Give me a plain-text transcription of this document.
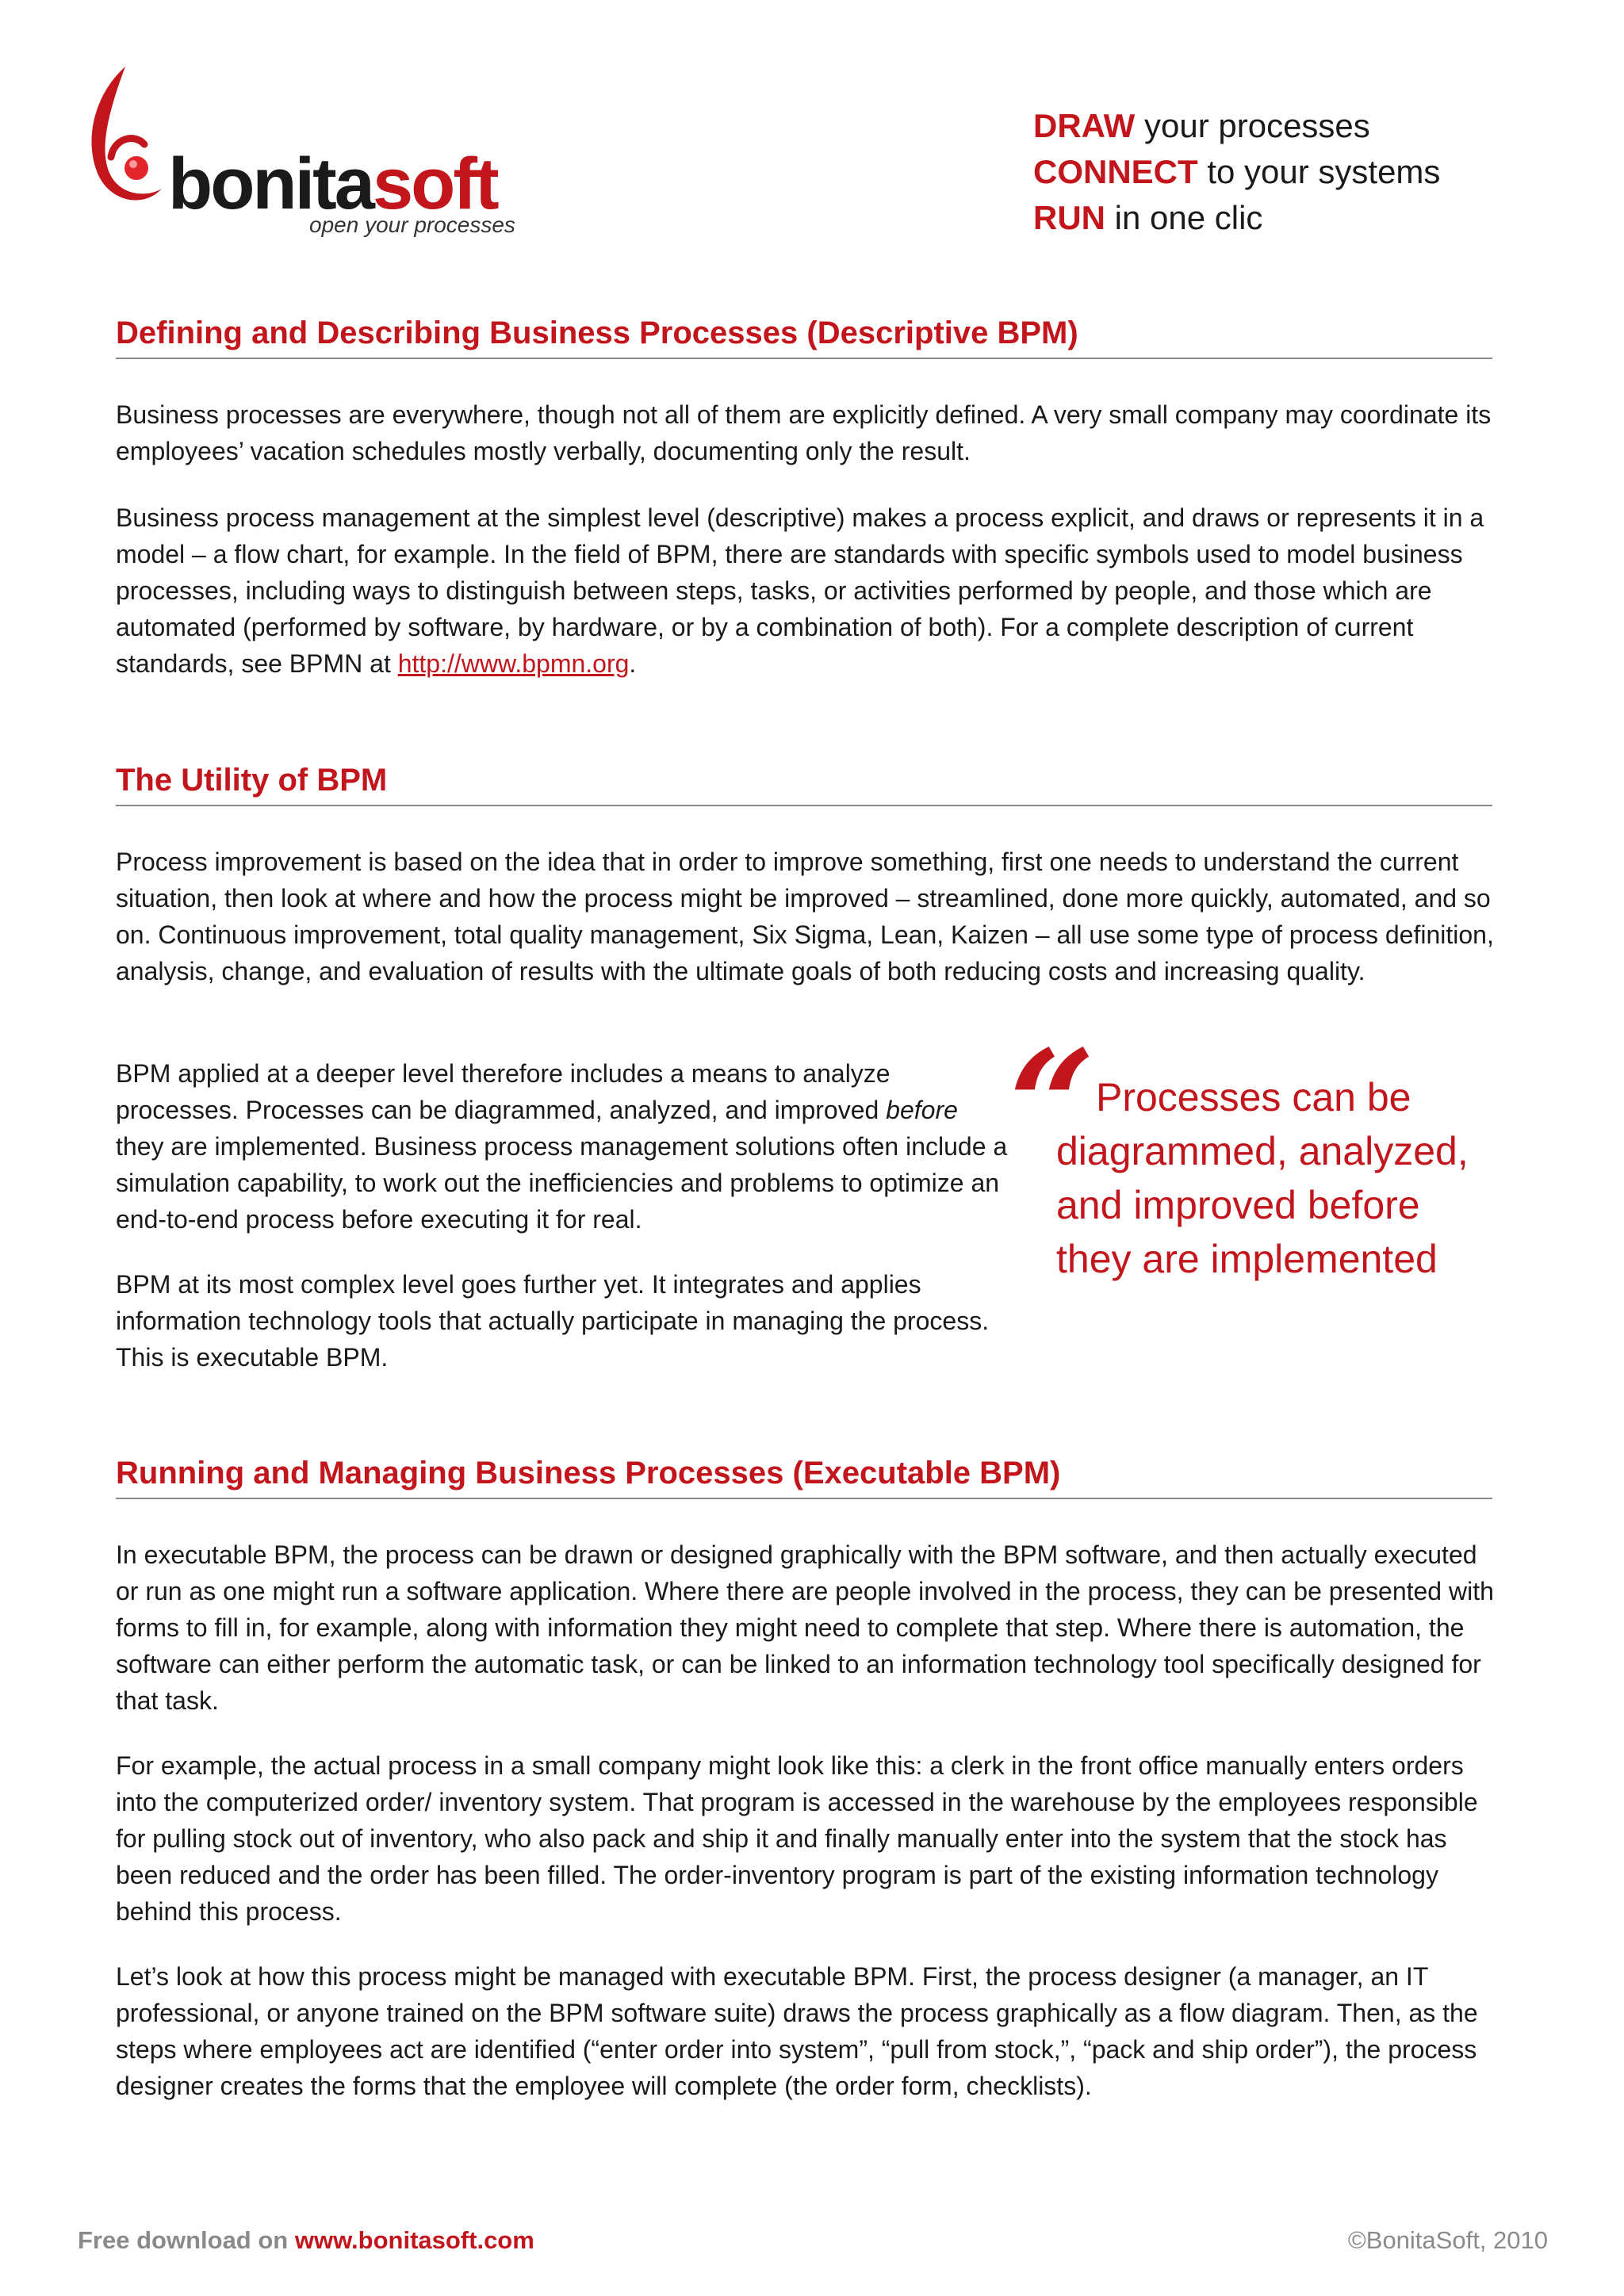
bonitasoft
open your processes
DRAW your processes
CONNECT to your systems
RUN in one clic
Defining and Describing Business Processes (Descriptive BPM)
Business processes are everywhere, though not all of them are explicitly defined. A very small company may coordinate its employees’ vacation schedules mostly verbally, documenting only the result.
Business process management at the simplest level (descriptive) makes a process explicit, and draws or represents it in a model – a flow chart, for example. In the field of BPM, there are standards with specific symbols used to model business processes, including ways to distinguish between steps, tasks, or activities performed by people, and those which are automated (performed by software, by hardware, or by a combination of both). For a complete description of current standards, see BPMN at http://www.bpmn.org.
The Utility of BPM
Process improvement is based on the idea that in order to improve something, first one needs to understand the current situation, then look at where and how the process might be improved – streamlined, done more quickly, automated, and so on. Continuous improvement, total quality management, Six Sigma, Lean, Kaizen – all use some type of process definition, analysis, change, and evaluation of results with the ultimate goals of both reducing costs and increasing quality.
BPM applied at a deeper level therefore includes a means to analyze processes. Processes can be diagrammed, analyzed, and improved before they are implemented. Business process management solutions often include a simulation capability, to work out the inefficiencies and problems to optimize an end-to-end process before executing it for real.
BPM at its most complex level goes further yet. It integrates and applies information technology tools that actually participate in managing the process. This is executable BPM.
“ Processes can be
diagrammed, analyzed,
and improved before
they are implemented
Running and Managing Business Processes (Executable BPM)
In executable BPM, the process can be drawn or designed graphically with the BPM software, and then actually executed or run as one might run a software application. Where there are people involved in the process, they can be presented with forms to fill in, for example, along with information they might need to complete that step. Where there is automation, the software can either perform the automatic task, or can be linked to an information technology tool specifically designed for that task.
For example, the actual process in a small company might look like this: a clerk in the front office manually enters orders into the computerized order/ inventory system. That program is accessed in the warehouse by the employees responsible for pulling stock out of inventory, who also pack and ship it and finally manually enter into the system that the stock has been reduced and the order has been filled. The order-inventory program is part of the existing information technology behind this process.
Let’s look at how this process might be managed with executable BPM. First, the process designer (a manager, an IT professional, or anyone trained on the BPM software suite) draws the process graphically as a flow diagram. Then, as the steps where employees act are identified (“enter order into system”, “pull from stock,”, “pack and ship order”), the process designer creates the forms that the employee will complete (the order form, checklists).
Free download on www.bonitasoft.com	©BonitaSoft, 2010
